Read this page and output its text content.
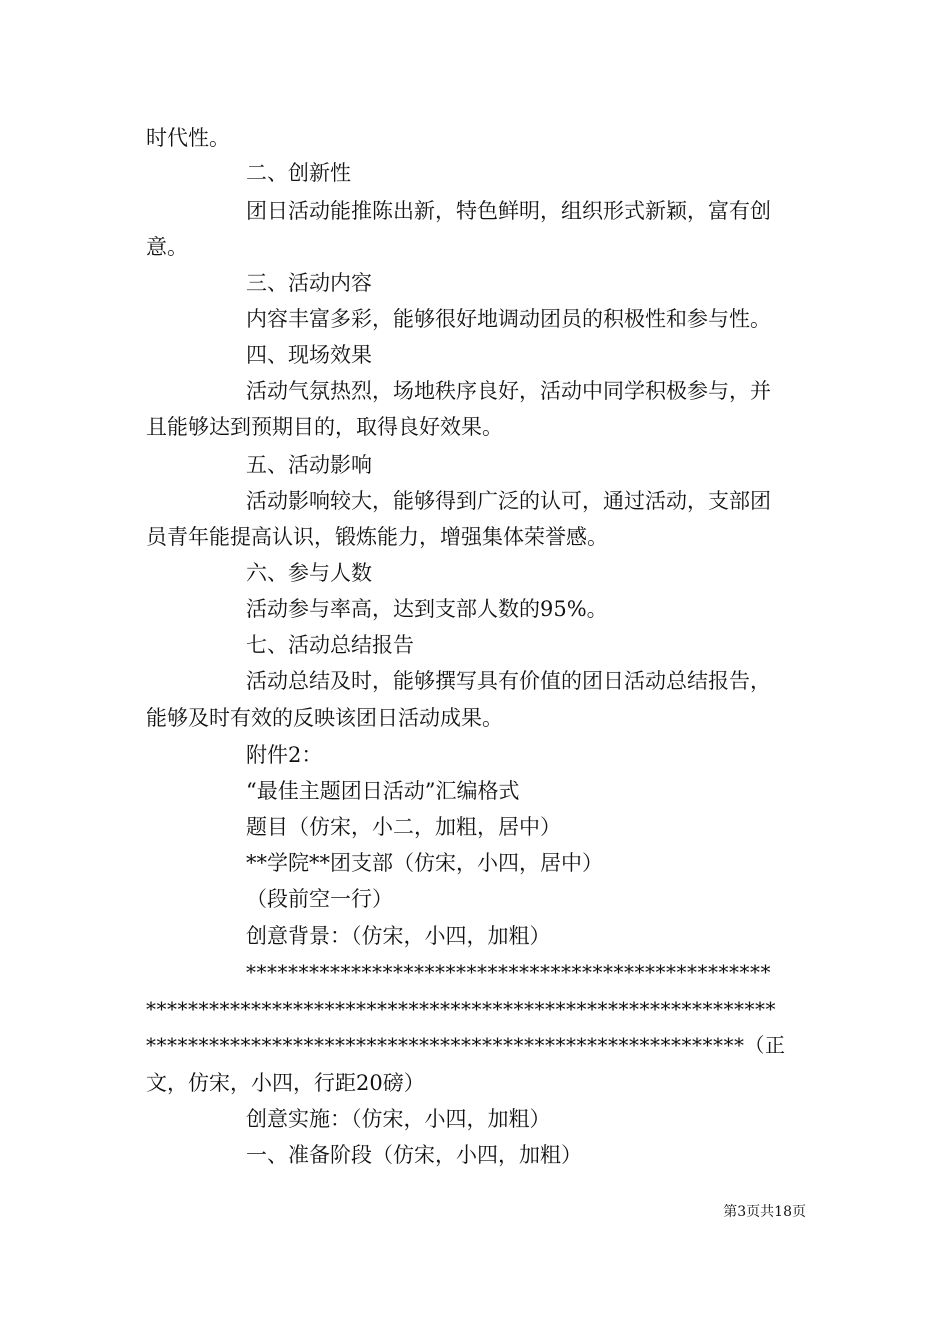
时代性。
二、创新性
团日活动能推陈出新，特色鲜明，组织形式新颖，富有创
意。
三、活动内容
内容丰富多彩，能够很好地调动团员的积极性和参与性。
四、现场效果
活动气氛热烈，场地秩序良好，活动中同学积极参与，并
且能够达到预期目的，取得良好效果。
五、活动影响
活动影响较大，能够得到广泛的认可，通过活动，支部团
员青年能提高认识，锻炼能力，增强集体荣誉感。
六、参与人数
活动参与率高，达到支部人数的95%。
七、活动总结报告
活动总结及时，能够撰写具有价值的团日活动总结报告，
能够及时有效的反映该团日活动成果。
附件2：
“最佳主题团日活动”汇编格式
题目（仿宋，小二，加粗，居中）
**学院**团支部（仿宋，小四，居中）
（段前空一行）
创意背景：（仿宋，小四，加粗）
**************************************************
************************************************************
*********************************************************（正
文，仿宋，小四，行距20磅）
创意实施：（仿宋，小四，加粗）
一、准备阶段（仿宋，小四，加粗）
第3页共18页
